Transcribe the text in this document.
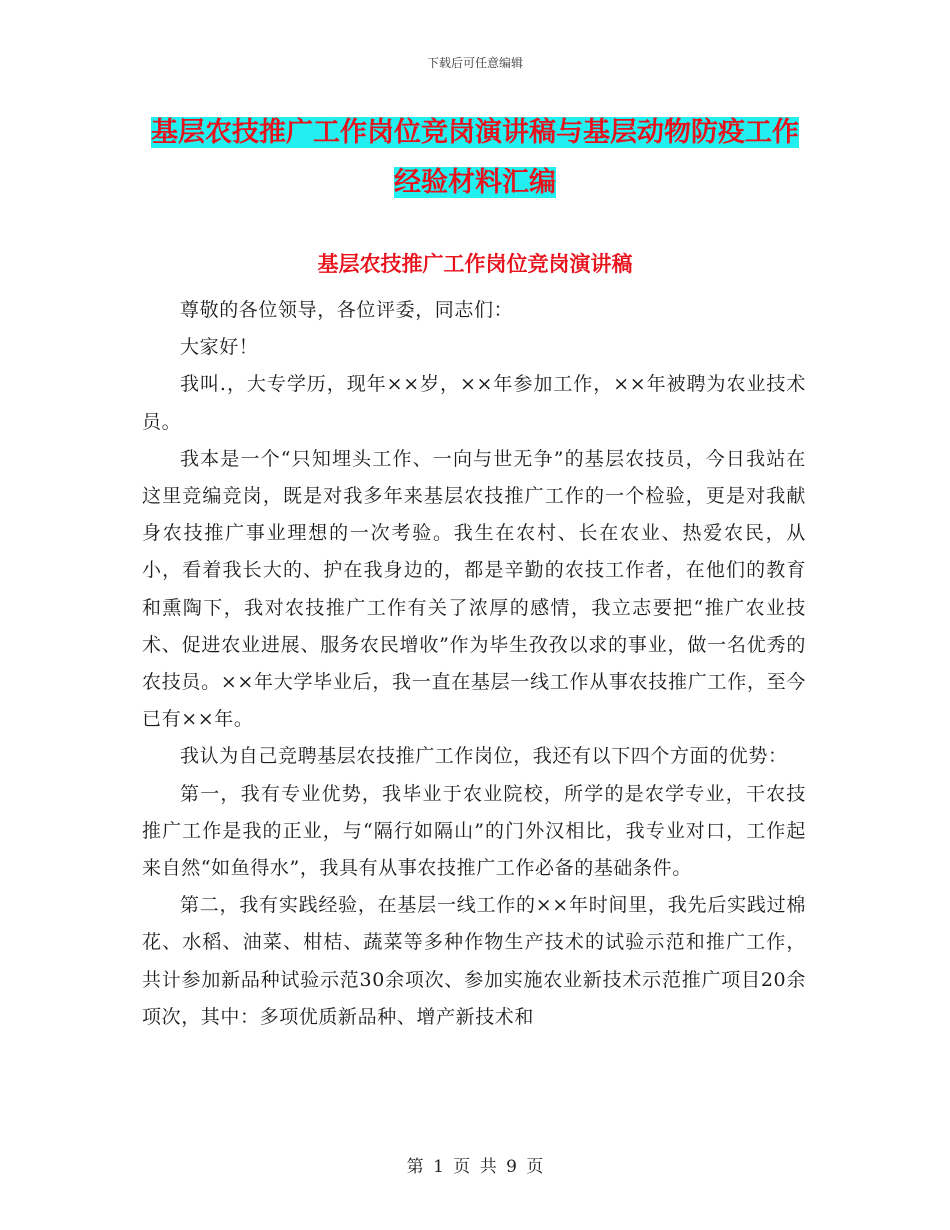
下载后可任意编辑
基层农技推广工作岗位竞岗演讲稿与基层动物防疫工作经验材料汇编
基层农技推广工作岗位竞岗演讲稿

尊敬的各位领导，各位评委，同志们：

大家好！

我叫.，大专学历，现年××岁，××年参加工作，××年被聘为农业技术员。

我本是一个“只知埋头工作、一向与世无争”的基层农技员，今日我站在这里竞编竞岗，既是对我多年来基层农技推广工作的一个检验，更是对我献身农技推广事业理想的一次考验。我生在农村、长在农业、热爱农民，从小，看着我长大的、护在我身边的，都是辛勤的农技工作者，在他们的教育和熏陶下，我对农技推广工作有关了浓厚的感情，我立志要把“推广农业技术、促进农业进展、服务农民增收”作为毕生孜孜以求的事业，做一名优秀的农技员。××年大学毕业后，我一直在基层一线工作从事农技推广工作，至今已有××年。

我认为自己竞聘基层农技推广工作岗位，我还有以下四个方面的优势：

第一，我有专业优势，我毕业于农业院校，所学的是农学专业，干农技推广工作是我的正业，与“隔行如隔山”的门外汉相比，我专业对口，工作起来自然“如鱼得水”，我具有从事农技推广工作必备的基础条件。

第二，我有实践经验，在基层一线工作的××年时间里，我先后实践过棉花、水稻、油菜、柑桔、蔬菜等多种作物生产技术的试验示范和推广工作，共计参加新品种试验示范30余项次、参加实施农业新技术示范推广项目20余项次，其中：多项优质新品种、增产新技术和

第 1 页 共 9 页
